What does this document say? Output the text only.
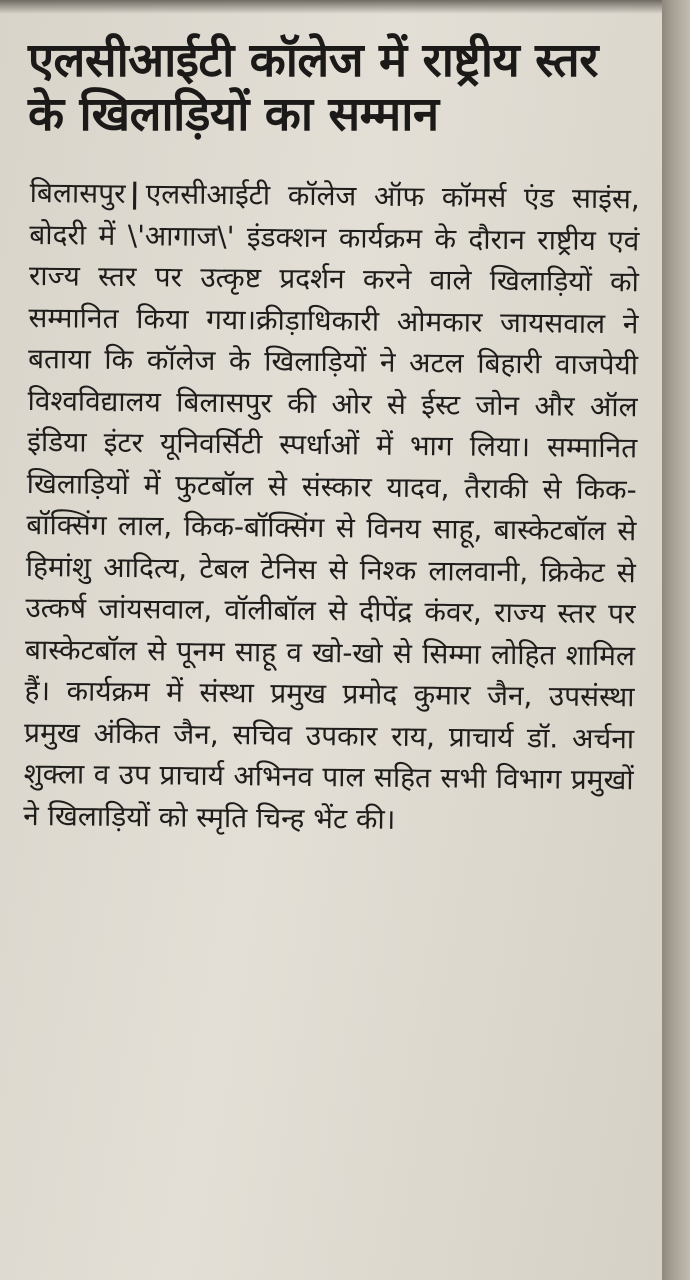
एलसीआईटी कॉलेज में राष्ट्रीय स्तर के खिलाड़ियों का सम्मान

बिलासपुर | एलसीआईटी कॉलेज ऑफ कॉमर्स एंड साइंस, बोदरी में \'आगाज\' इंडक्शन कार्यक्रम के दौरान राष्ट्रीय एवं राज्य स्तर पर उत्कृष्ट प्रदर्शन करने वाले खिलाड़ियों को सम्मानित किया गया।क्रीड़ाधिकारी ओमकार जायसवाल ने बताया कि कॉलेज के खिलाड़ियों ने अटल बिहारी वाजपेयी विश्वविद्यालय बिलासपुर की ओर से ईस्ट जोन और ऑल इंडिया इंटर यूनिवर्सिटी स्पर्धाओं में भाग लिया। सम्मानित खिलाड़ियों में फुटबॉल से संस्कार यादव, तैराकी से किक-बॉक्सिंग लाल, किक-बॉक्सिंग से विनय साहू, बास्केटबॉल से हिमांशु आदित्य, टेबल टेनिस से निश्क लालवानी, क्रिकेट से उत्कर्ष जांयसवाल, वॉलीबॉल से दीपेंद्र कंवर, राज्य स्तर पर बास्केटबॉल से पूनम साहू व खो-खो से सिम्मा लोहित शामिल हैं। कार्यक्रम में संस्था प्रमुख प्रमोद कुमार जैन, उपसंस्था प्रमुख अंकित जैन, सचिव उपकार राय, प्राचार्य डॉ. अर्चना शुक्ला व उप प्राचार्य अभिनव पाल सहित सभी विभाग प्रमुखों ने खिलाड़ियों को स्मृति चिन्ह भेंट की।
